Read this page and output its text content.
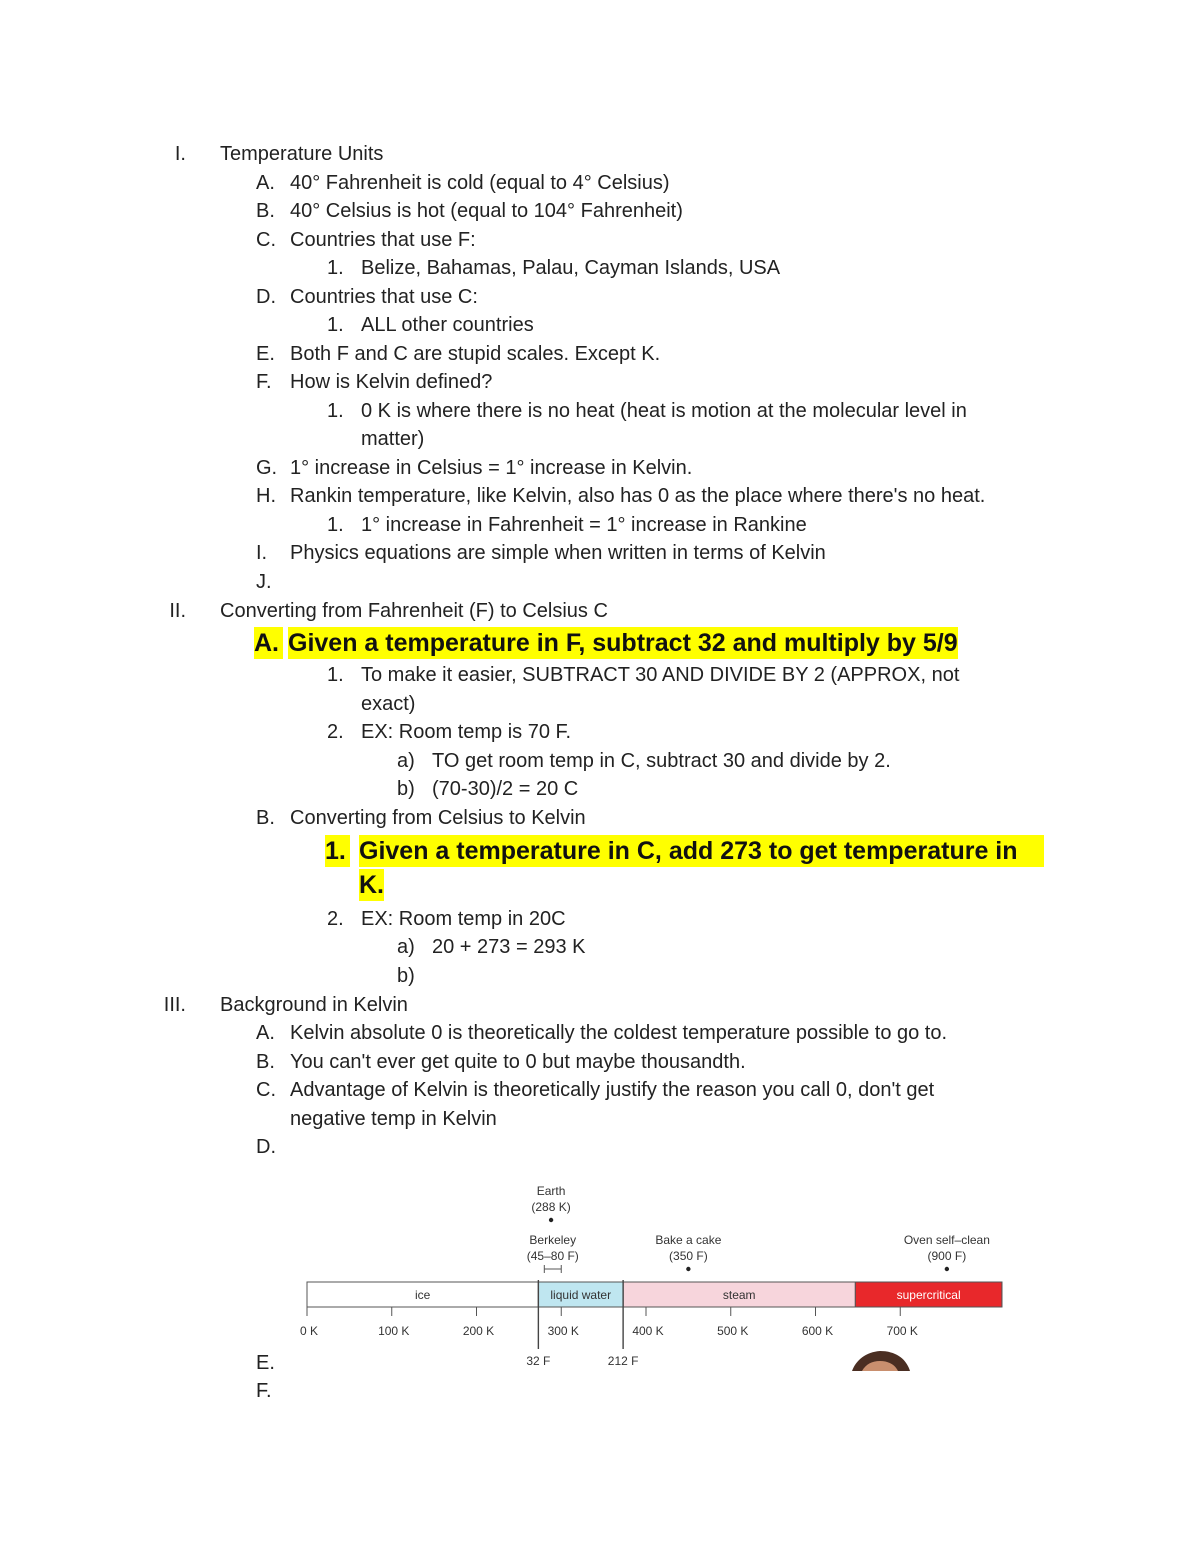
I. Temperature Units
A. 40° Fahrenheit is cold (equal to 4° Celsius)
B. 40° Celsius is hot (equal to 104° Fahrenheit)
C. Countries that use F:
1. Belize, Bahamas, Palau, Cayman Islands, USA
D. Countries that use C:
1. ALL other countries
E. Both F and C are stupid scales. Except K.
F. How is Kelvin defined?
1. 0 K is where there is no heat (heat is motion at the molecular level in
matter)
G. 1° increase in Celsius = 1° increase in Kelvin.
H. Rankin temperature, like Kelvin, also has 0 as the place where there's no heat.
1. 1° increase in Fahrenheit = 1° increase in Rankine
I. Physics equations are simple when written in terms of Kelvin
J.
II. Converting from Fahrenheit (F) to Celsius C
A. Given a temperature in F, subtract 32 and multiply by 5/9
1. To make it easier, SUBTRACT 30 AND DIVIDE BY 2 (APPROX, not
exact)
2. EX: Room temp is 70 F.
a) TO get room temp in C, subtract 30 and divide by 2.
b) (70-30)/2 = 20 C
B. Converting from Celsius to Kelvin
1. Given a temperature in C, add 273 to get temperature in
K.
2. EX: Room temp in 20C
a) 20 + 273 = 293 K
b)
III. Background in Kelvin
A. Kelvin absolute 0 is theoretically the coldest temperature possible to go to.
B. You can't ever get quite to 0 but maybe thousandth.
C. Advantage of Kelvin is theoretically justify the reason you call 0, don't get
negative temp in Kelvin
D.
E.
F.
ice	liquid water	steam	supercritical
0 K	100 K	200 K	300 K	400 K	500 K	600 K	700 K
32 F	212 F
Earth
(288 K)
Bake a cake
(350 F)
Oven self–clean
(900 F)
Berkeley
(45–80 F)
